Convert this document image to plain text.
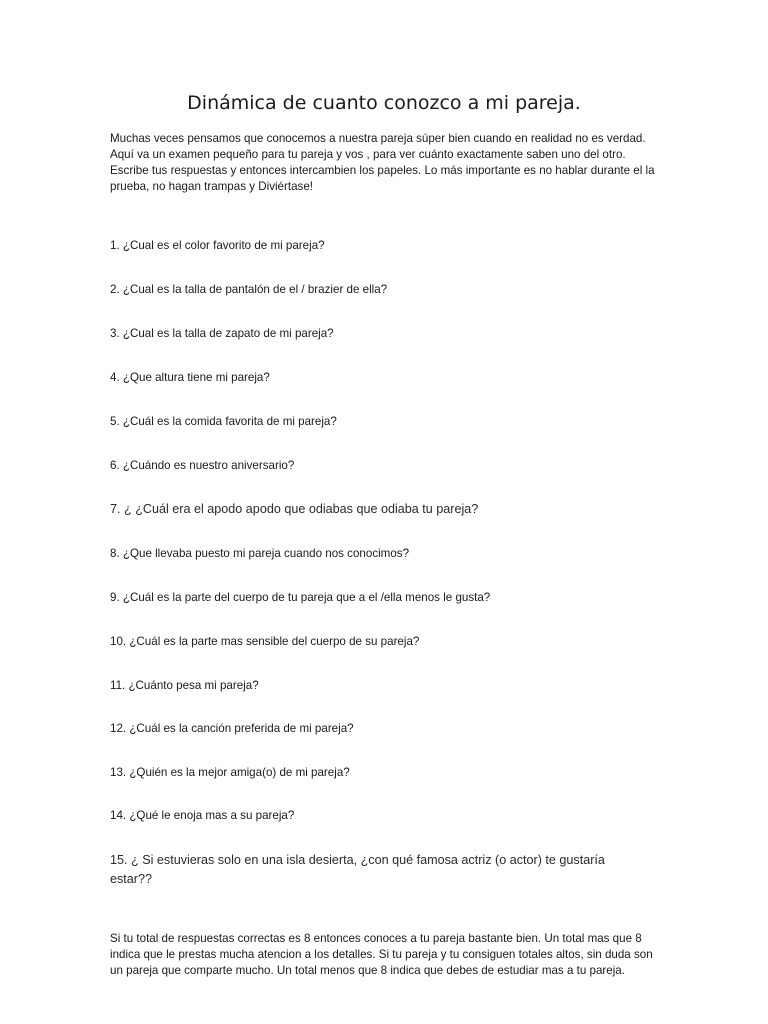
Dinámica de cuanto conozco a mi pareja.
Muchas veces pensamos que conocemos a nuestra pareja súper bien cuando en realidad no es verdad. Aquí va un examen pequeño para tu pareja y vos , para ver cuánto exactamente saben uno del otro. Escribe tus respuestas y entonces intercambien los papeles. Lo más importante es no hablar durante el la prueba, no hagan trampas y Diviértase!
1. ¿Cual es el color favorito de mi pareja?
2. ¿Cual es la talla de pantalón de el / brazier de ella?
3. ¿Cual es la talla de zapato de mi pareja?
4. ¿Que altura tiene mi pareja?
5. ¿Cuál es la comida favorita de mi pareja?
6. ¿Cuándo es nuestro aniversario?
7. ¿ ¿Cuál era el apodo apodo que odiabas que odiaba tu pareja?
8. ¿Que llevaba puesto mi pareja cuando nos conocimos?
9. ¿Cuál es la parte del cuerpo de tu pareja que a el /ella menos le gusta?
10. ¿Cuál es la parte mas sensible del cuerpo de su pareja?
11. ¿Cuánto pesa mi pareja?
12. ¿Cuál es la canción preferida de mi pareja?
13. ¿Quién es la mejor amiga(o) de mi pareja?
14. ¿Qué le enoja mas a su pareja?
15. ¿ Si estuvieras solo en una isla desierta, ¿con qué famosa actriz (o actor) te gustaría estar??
Si tu total de respuestas correctas es 8 entonces conoces a tu pareja bastante bien. Un total mas que 8 indica que le prestas mucha atencion a los detalles. Si tu pareja y tu consiguen totales altos, sin duda son un pareja que comparte mucho. Un total menos que 8 indica que debes de estudiar mas a tu pareja.
